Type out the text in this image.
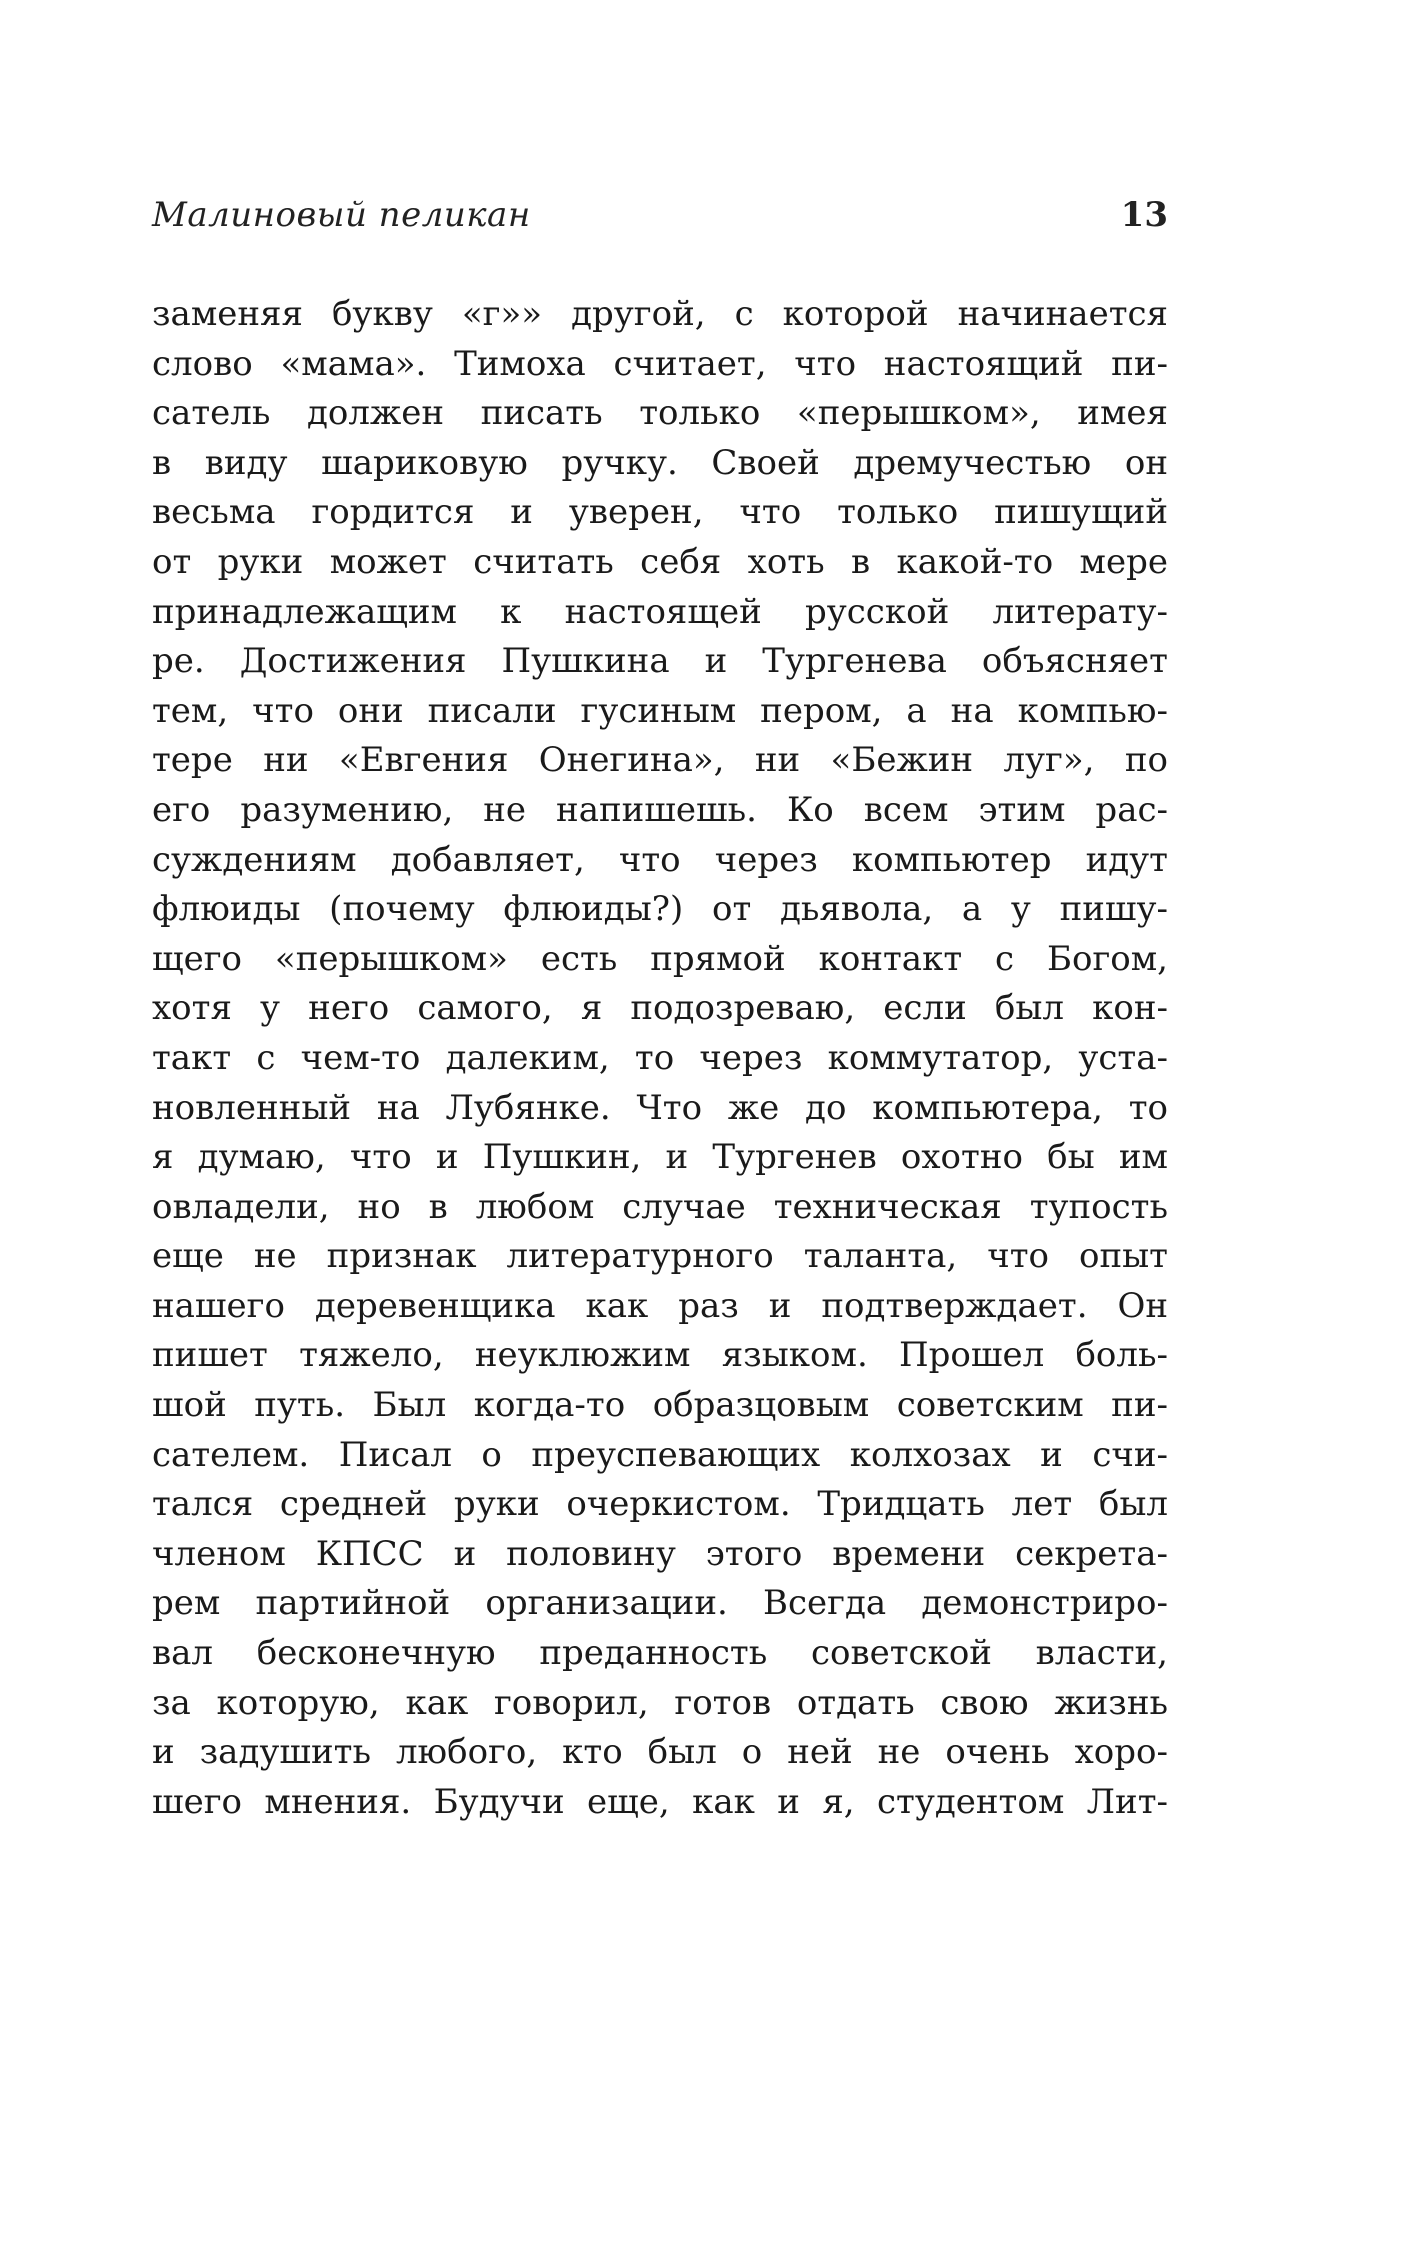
Малиновый пеликан	13
заменяя букву «г»» другой, с которой начинается
слово «мама». Тимоха считает, что настоящий пи-
сатель должен писать только «перышком», имея
в виду шариковую ручку. Своей дремучестью он
весьма гордится и уверен, что только пишущий
от руки может считать себя хоть в какой-то мере
принадлежащим к настоящей русской литерату-
ре. Достижения Пушкина и Тургенева объясняет
тем, что они писали гусиным пером, а на компью-
тере ни «Евгения Онегина», ни «Бежин луг», по
его разумению, не напишешь. Ко всем этим рас-
суждениям добавляет, что через компьютер идут
флюиды (почему флюиды?) от дьявола, а у пишу-
щего «перышком» есть прямой контакт с Богом,
хотя у него самого, я подозреваю, если был кон-
такт с чем-то далеким, то через коммутатор, уста-
новленный на Лубянке. Что же до компьютера, то
я думаю, что и Пушкин, и Тургенев охотно бы им
овладели, но в любом случае техническая тупость
еще не признак литературного таланта, что опыт
нашего деревенщика как раз и подтверждает. Он
пишет тяжело, неуклюжим языком. Прошел боль-
шой путь. Был когда-то образцовым советским пи-
сателем. Писал о преуспевающих колхозах и счи-
тался средней руки очеркистом. Тридцать лет был
членом КПСС и половину этого времени секрета-
рем партийной организации. Всегда демонстриро-
вал бесконечную преданность советской власти,
за которую, как говорил, готов отдать свою жизнь
и задушить любого, кто был о ней не очень хоро-
шего мнения. Будучи еще, как и я, студентом Лит-
